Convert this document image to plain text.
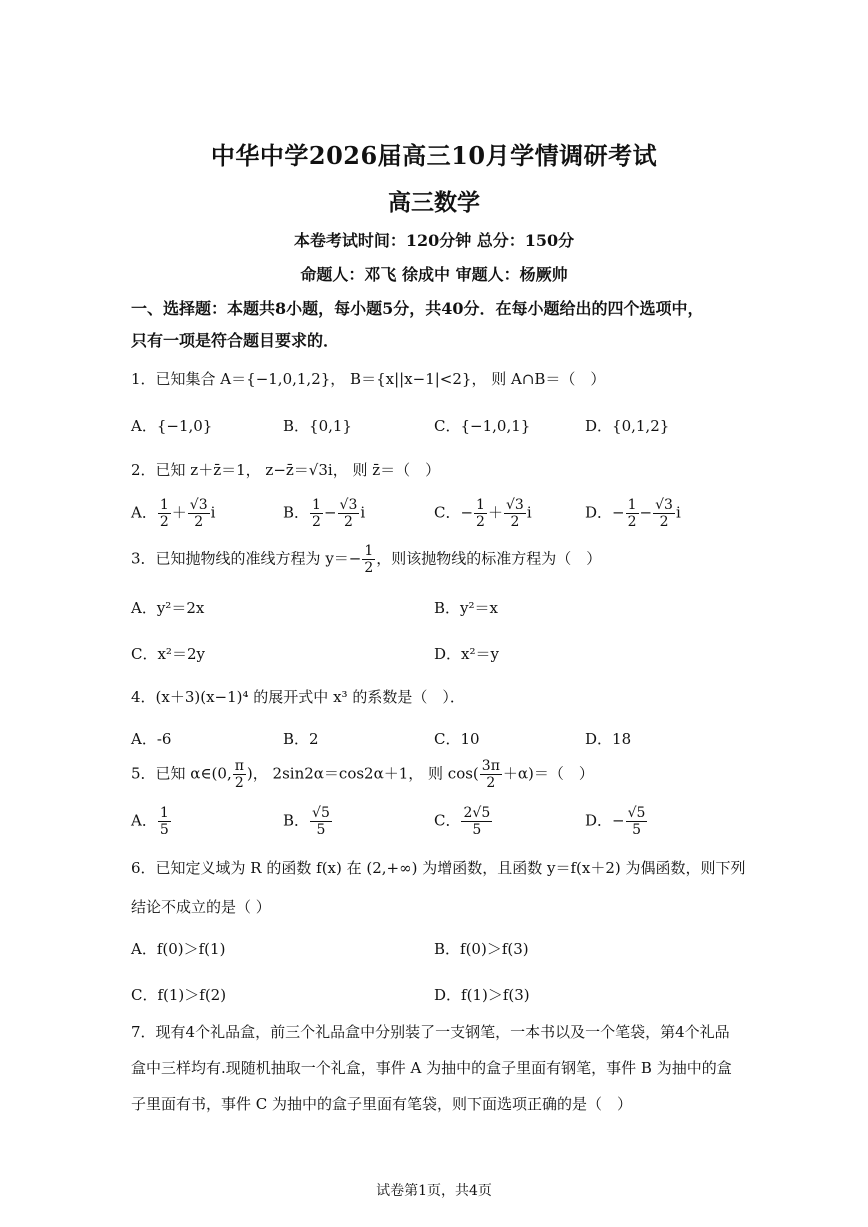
中华中学2026届高三10月学情调研考试
高三数学
本卷考试时间：120分钟 总分：150分
命题人：邓飞 徐成中 审题人：杨厥帅
一、选择题：本题共8小题，每小题5分，共40分．在每小题给出的四个选项中，
只有一项是符合题目要求的．
1．已知集合 A＝{−1,0,1,2}， B＝{x||x−1|<2}， 则 A∩B＝（　）
A．{−1,0}	B．{0,1}	C．{−1,0,1}	D．{0,1,2}
2．已知 z＋z̄＝1， z−z̄＝√3i， 则 z̄＝（　）
A． $\frac{1}{2} + \frac{√3}{2}$ i	B． $\frac{1}{2} - \frac{√3}{2}$ i	C．− $\frac{1}{2} + \frac{√3}{2}$ i	D．− $\frac{1}{2} - \frac{√3}{2}$ i
3．已知抛物线的准线方程为 $y=- \frac{1}{2}$ ，则该抛物线的标准方程为（　）
A．y²＝2x	B．y²＝x
C．x²＝2y	D．x²＝y
4．(x＋3)(x−1)⁴ 的展开式中 x³ 的系数是（　）．
A．-6	B．2	C．10	D．18
5．已知 α∈(0, $\frac{\pi}{2}$ )， 2sin2α＝cos2α＋1， 则 $\cos( \frac{3\pi}{2} +\alpha)=$（　）
A． $\frac{1}{5}$	B． $\frac{√5}{5}$	C． $\frac{2√5}{5}$	D．− $\frac{√5}{5}$
6．已知定义域为 R 的函数 f(x) 在 (2,+∞) 为增函数，且函数 y＝f(x＋2) 为偶函数，则下列
结论不成立的是（ ）
A．f(0)＞f(1)	B．f(0)＞f(3)
C．f(1)＞f(2)	D．f(1)＞f(3)
7．现有4个礼品盒，前三个礼品盒中分别装了一支钢笔，一本书以及一个笔袋，第4个礼品盒中三样均有.现随机抽取一个礼盒，事件 A 为抽中的盒子里面有钢笔，事件 B 为抽中的盒子里面有书，事件 C 为抽中的盒子里面有笔袋，则下面选项正确的是（　）
试卷第1页，共4页
